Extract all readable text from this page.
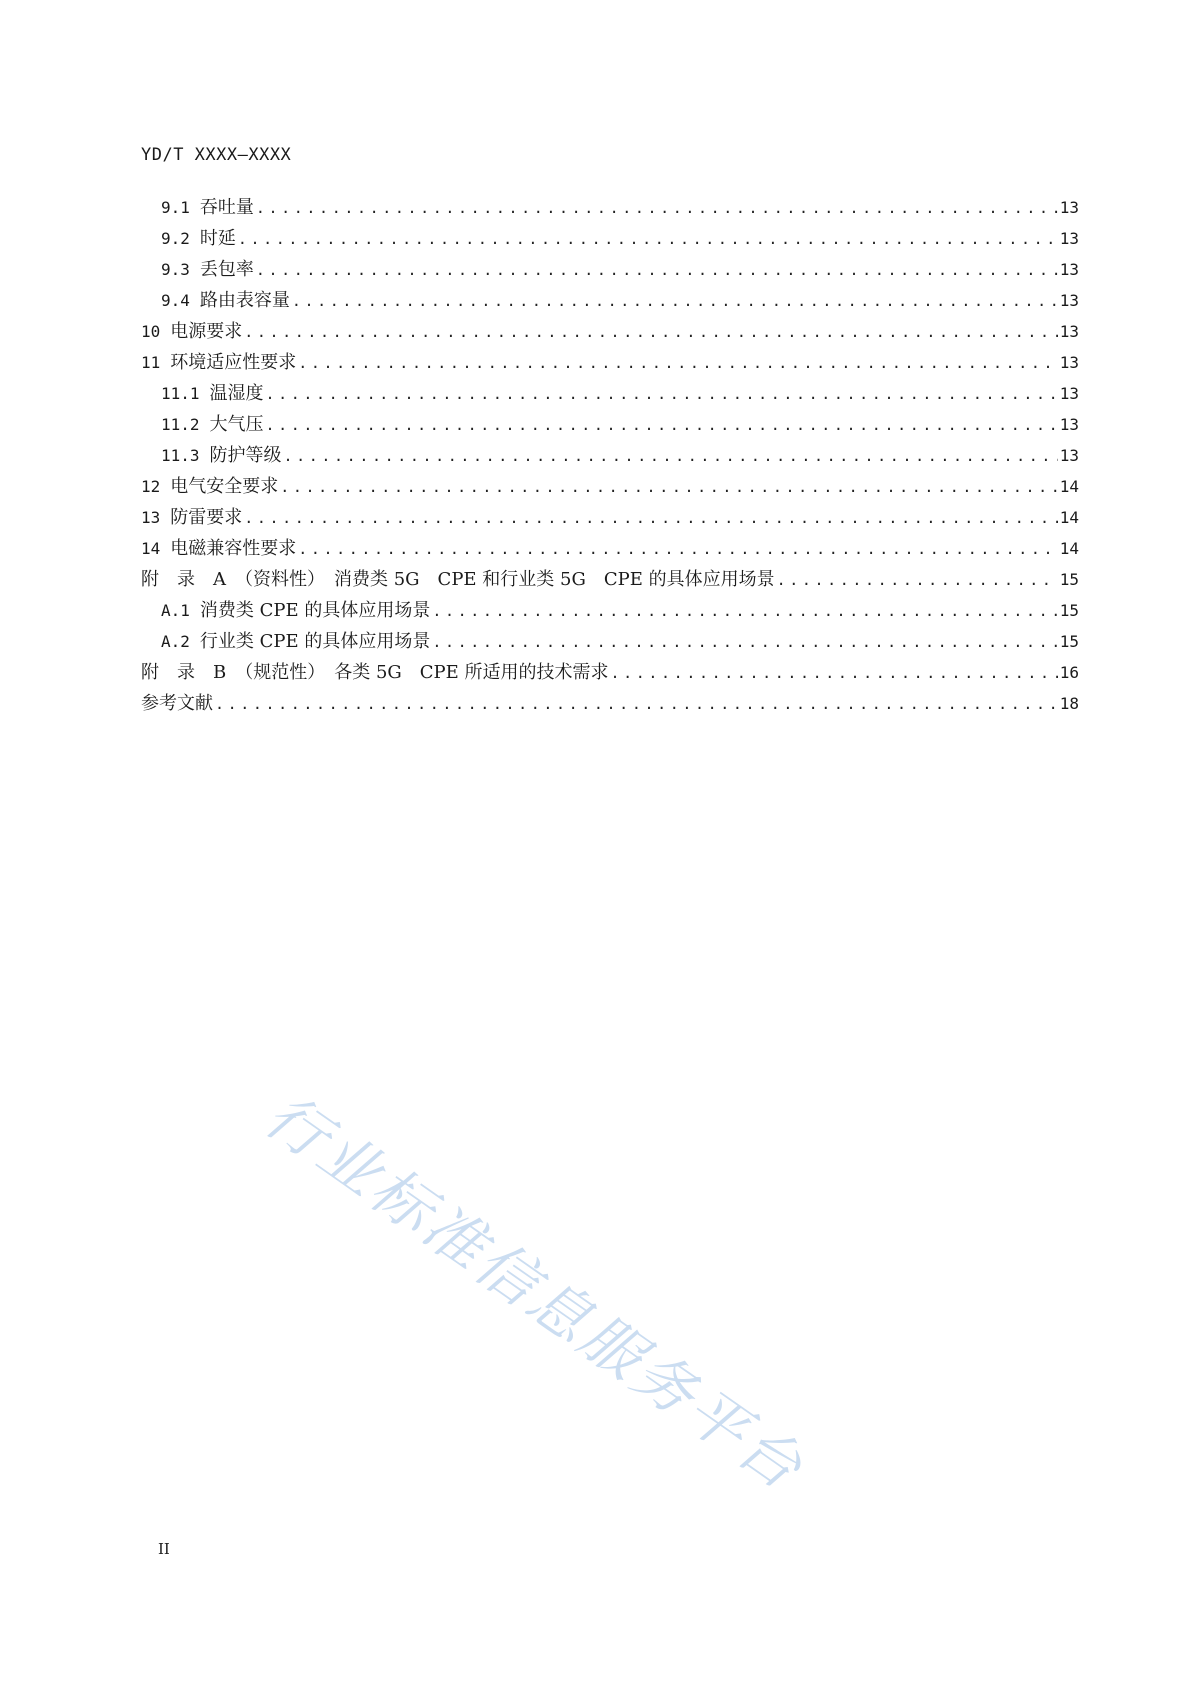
YD/T XXXX—XXXX
9.1 吞吐量 .....	13
9.2 时延 .....	13
9.3 丢包率 .....	13
9.4 路由表容量 .....	13
10 电源要求 .....	13
11 环境适应性要求 .....	13
11.1 温湿度 .....	13
11.2 大气压 .....	13
11.3 防护等级 .....	13
12 电气安全要求 .....	14
13 防雷要求 .....	14
14 电磁兼容性要求 .....	14
附　录　A　（资料性）　消费类 5G　CPE 和行业类 5G　CPE 的具体应用场景 .....	15
A.1 消费类 CPE 的具体应用场景 .....	15
A.2 行业类 CPE 的具体应用场景 .....	15
附　录　B　（规范性）　各类 5G　CPE 所适用的技术需求 .....	16
参考文献 .....	18
行业标准信息服务平台
II
